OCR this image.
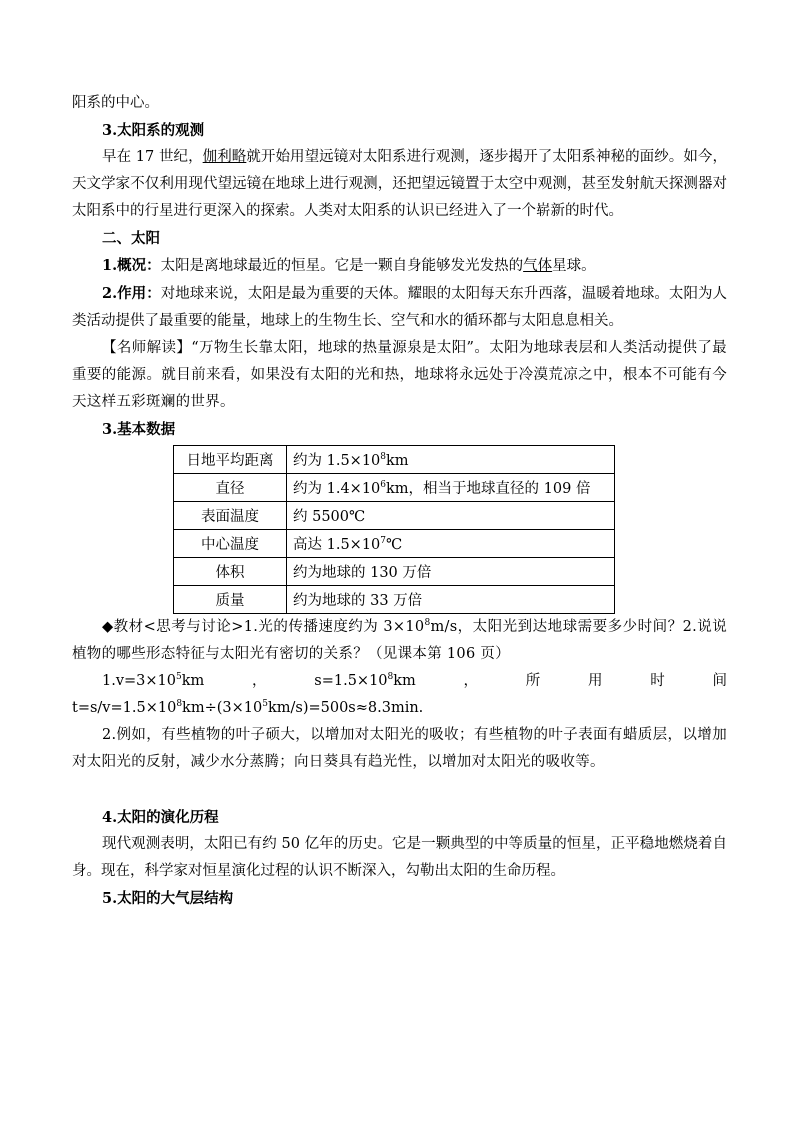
阳系的中心。

3.太阳系的观测

早在 17 世纪，伽利略就开始用望远镜对太阳系进行观测，逐步揭开了太阳系神秘的面纱。如今，天文学家不仅利用现代望远镜在地球上进行观测，还把望远镜置于太空中观测，甚至发射航天探测器对太阳系中的行星进行更深入的探索。人类对太阳系的认识已经进入了一个崭新的时代。

二、太阳

1.概况：太阳是离地球最近的恒星。它是一颗自身能够发光发热的气体星球。

2.作用：对地球来说，太阳是最为重要的天体。耀眼的太阳每天东升西落，温暖着地球。太阳为人类活动提供了最重要的能量，地球上的生物生长、空气和水的循环都与太阳息息相关。

【名师解读】“万物生长靠太阳，地球的热量源泉是太阳”。太阳为地球表层和人类活动提供了最重要的能源。就目前来看，如果没有太阳的光和热，地球将永远处于冷漠荒凉之中，根本不可能有今天这样五彩斑斓的世界。

3.基本数据

日地平均距离	约为 $1.5\times 10^8km$
直径	约为 $1.4\times 10^6km$，相当于地球直径的 109 倍
表面温度	约 5500℃
中心温度	高达 $1.5\times 10^7℃$
体积	约为地球的 130 万倍
质量	约为地球的 33 万倍

◆教材<思考与讨论>1.光的传播速度约为 $3\times 10^8m/s$，太阳光到达地球需要多少时间？2.说说植物的哪些形态特征与太阳光有密切的关系？（见课本第 106 页）

$1.v=3\times 10^5km$，$s=1.5\times 10^8km$，所用时间 $t=s/v=1.5\times 10^8km\div(3\times 10^5km/s)=500s\approx 8.3\min$.

2.例如，有些植物的叶子硕大，以增加对太阳光的吸收；有些植物的叶子表面有蜡质层，以增加对太阳光的反射，减少水分蒸腾；向日葵具有趋光性，以增加对太阳光的吸收等。

4.太阳的演化历程

现代观测表明，太阳已有约 50 亿年的历史。它是一颗典型的中等质量的恒星，正平稳地燃烧着自身。现在，科学家对恒星演化过程的认识不断深入，勾勒出太阳的生命历程。

5.太阳的大气层结构
